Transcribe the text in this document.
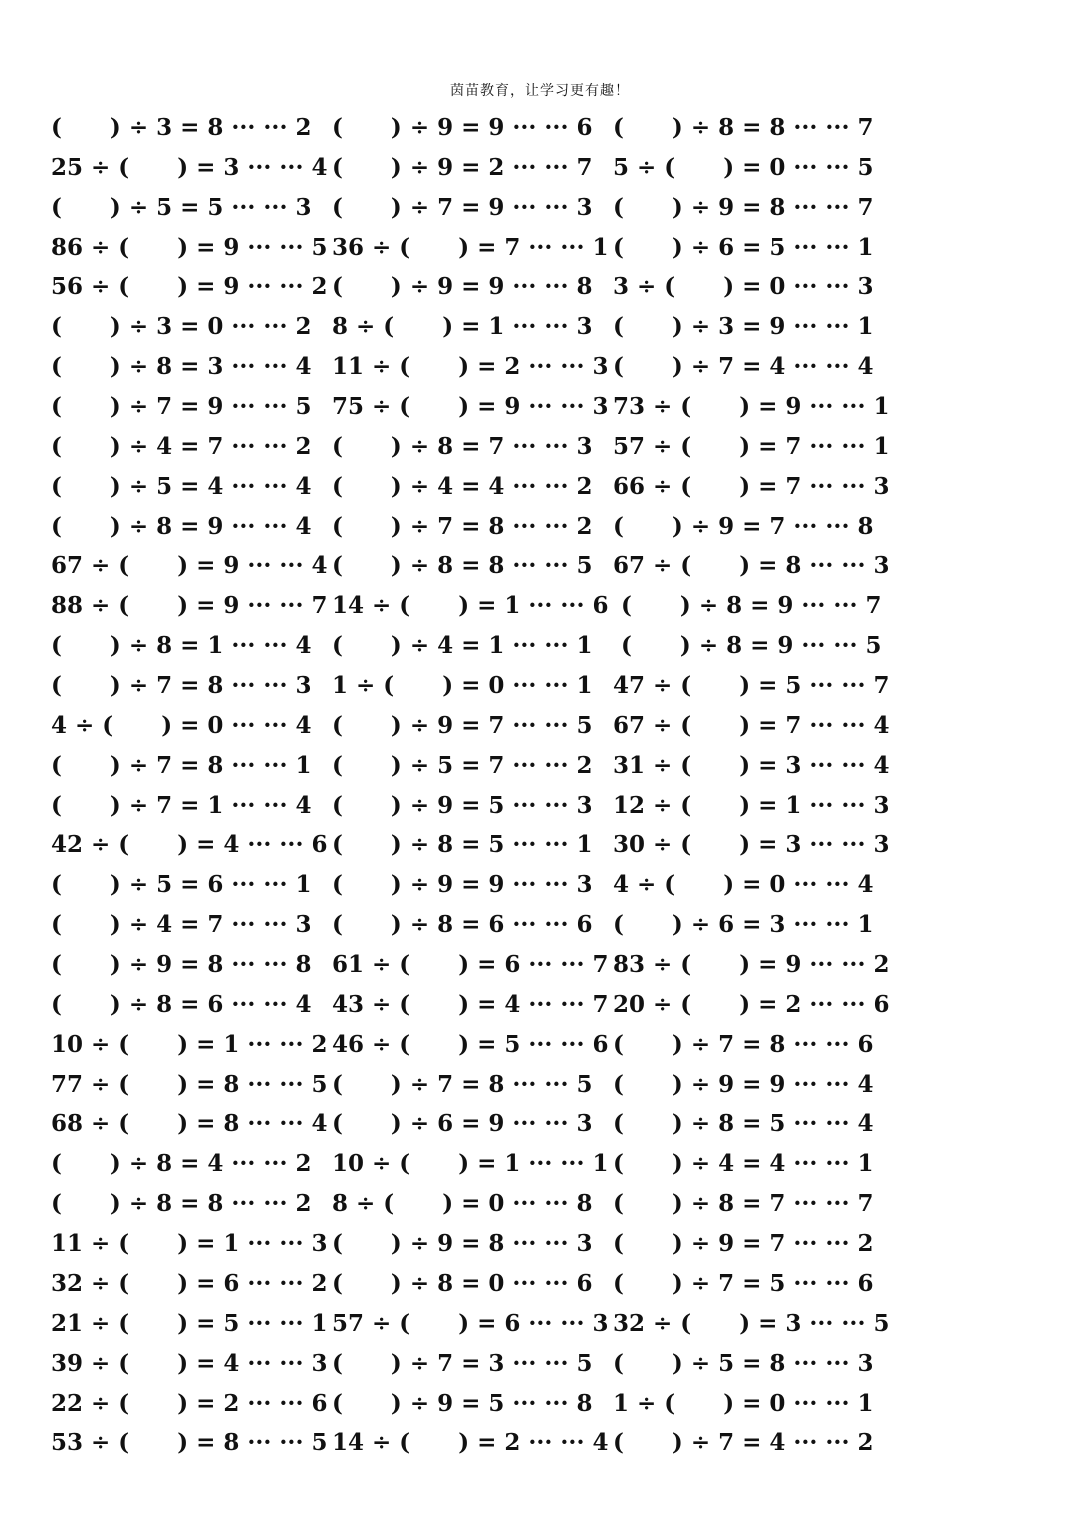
茵苗教育，让学习更有趣！
(      ) ÷ 3 = 8 ··· ··· 2 (      ) ÷ 9 = 9 ··· ··· 6 (      ) ÷ 8 = 8 ··· ··· 7
25 ÷ (      ) = 3 ··· ··· 4 (      ) ÷ 9 = 2 ··· ··· 7 5 ÷ (      ) = 0 ··· ··· 5
(      ) ÷ 5 = 5 ··· ··· 3 (      ) ÷ 7 = 9 ··· ··· 3 (      ) ÷ 9 = 8 ··· ··· 7
86 ÷ (      ) = 9 ··· ··· 5 36 ÷ (      ) = 7 ··· ··· 1 (      ) ÷ 6 = 5 ··· ··· 1
56 ÷ (      ) = 9 ··· ··· 2 (      ) ÷ 9 = 9 ··· ··· 8 3 ÷ (      ) = 0 ··· ··· 3
(      ) ÷ 3 = 0 ··· ··· 2 8 ÷ (      ) = 1 ··· ··· 3 (      ) ÷ 3 = 9 ··· ··· 1
(      ) ÷ 8 = 3 ··· ··· 4 11 ÷ (      ) = 2 ··· ··· 3 (      ) ÷ 7 = 4 ··· ··· 4
(      ) ÷ 7 = 9 ··· ··· 5 75 ÷ (      ) = 9 ··· ··· 3 73 ÷ (      ) = 9 ··· ··· 1
(      ) ÷ 4 = 7 ··· ··· 2 (      ) ÷ 8 = 7 ··· ··· 3 57 ÷ (      ) = 7 ··· ··· 1
(      ) ÷ 5 = 4 ··· ··· 4 (      ) ÷ 4 = 4 ··· ··· 2 66 ÷ (      ) = 7 ··· ··· 3
(      ) ÷ 8 = 9 ··· ··· 4 (      ) ÷ 7 = 8 ··· ··· 2 (      ) ÷ 9 = 7 ··· ··· 8
67 ÷ (      ) = 9 ··· ··· 4 (      ) ÷ 8 = 8 ··· ··· 5 67 ÷ (      ) = 8 ··· ··· 3
88 ÷ (      ) = 9 ··· ··· 7 14 ÷ (      ) = 1 ··· ··· 6 (      ) ÷ 8 = 9 ··· ··· 7
(      ) ÷ 8 = 1 ··· ··· 4 (      ) ÷ 4 = 1 ··· ··· 1 (      ) ÷ 8 = 9 ··· ··· 5
(      ) ÷ 7 = 8 ··· ··· 3 1 ÷ (      ) = 0 ··· ··· 1 47 ÷ (      ) = 5 ··· ··· 7
4 ÷ (      ) = 0 ··· ··· 4 (      ) ÷ 9 = 7 ··· ··· 5 67 ÷ (      ) = 7 ··· ··· 4
(      ) ÷ 7 = 8 ··· ··· 1 (      ) ÷ 5 = 7 ··· ··· 2 31 ÷ (      ) = 3 ··· ··· 4
(      ) ÷ 7 = 1 ··· ··· 4 (      ) ÷ 9 = 5 ··· ··· 3 12 ÷ (      ) = 1 ··· ··· 3
42 ÷ (      ) = 4 ··· ··· 6 (      ) ÷ 8 = 5 ··· ··· 1 30 ÷ (      ) = 3 ··· ··· 3
(      ) ÷ 5 = 6 ··· ··· 1 (      ) ÷ 9 = 9 ··· ··· 3 4 ÷ (      ) = 0 ··· ··· 4
(      ) ÷ 4 = 7 ··· ··· 3 (      ) ÷ 8 = 6 ··· ··· 6 (      ) ÷ 6 = 3 ··· ··· 1
(      ) ÷ 9 = 8 ··· ··· 8 61 ÷ (      ) = 6 ··· ··· 7 83 ÷ (      ) = 9 ··· ··· 2
(      ) ÷ 8 = 6 ··· ··· 4 43 ÷ (      ) = 4 ··· ··· 7 20 ÷ (      ) = 2 ··· ··· 6
10 ÷ (      ) = 1 ··· ··· 2 46 ÷ (      ) = 5 ··· ··· 6 (      ) ÷ 7 = 8 ··· ··· 6
77 ÷ (      ) = 8 ··· ··· 5 (      ) ÷ 7 = 8 ··· ··· 5 (      ) ÷ 9 = 9 ··· ··· 4
68 ÷ (      ) = 8 ··· ··· 4 (      ) ÷ 6 = 9 ··· ··· 3 (      ) ÷ 8 = 5 ··· ··· 4
(      ) ÷ 8 = 4 ··· ··· 2 10 ÷ (      ) = 1 ··· ··· 1 (      ) ÷ 4 = 4 ··· ··· 1
(      ) ÷ 8 = 8 ··· ··· 2 8 ÷ (      ) = 0 ··· ··· 8 (      ) ÷ 8 = 7 ··· ··· 7
11 ÷ (      ) = 1 ··· ··· 3 (      ) ÷ 9 = 8 ··· ··· 3 (      ) ÷ 9 = 7 ··· ··· 2
32 ÷ (      ) = 6 ··· ··· 2 (      ) ÷ 8 = 0 ··· ··· 6 (      ) ÷ 7 = 5 ··· ··· 6
21 ÷ (      ) = 5 ··· ··· 1 57 ÷ (      ) = 6 ··· ··· 3 32 ÷ (      ) = 3 ··· ··· 5
39 ÷ (      ) = 4 ··· ··· 3 (      ) ÷ 7 = 3 ··· ··· 5 (      ) ÷ 5 = 8 ··· ··· 3
22 ÷ (      ) = 2 ··· ··· 6 (      ) ÷ 9 = 5 ··· ··· 8 1 ÷ (      ) = 0 ··· ··· 1
53 ÷ (      ) = 8 ··· ··· 5 14 ÷ (      ) = 2 ··· ··· 4 (      ) ÷ 7 = 4 ··· ··· 2
